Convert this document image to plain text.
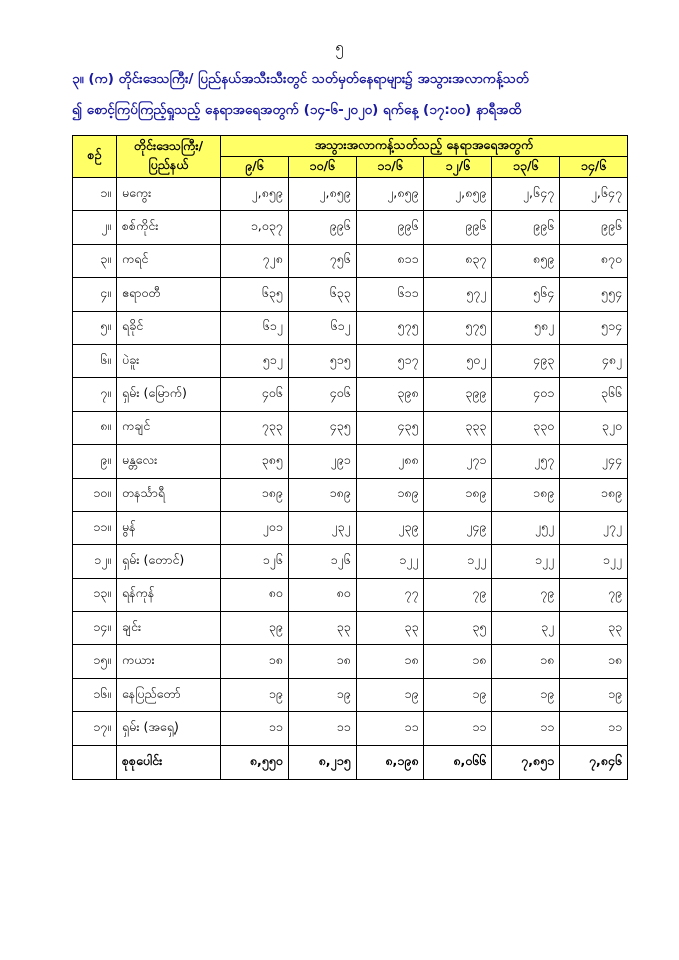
၅
၃။ (က) တိုင်းဒေသကြီး/ ပြည်နယ်အသီးသီးတွင် သတ်မှတ်နေရာများ၌ အသွားအလာကန့်သတ်
၍ စောင့်ကြပ်ကြည့်ရှုသည့် နေရာအရေအတွက် (၁၄-၆-၂၀၂၀) ရက်နေ့ (၁၇:၀၀) နာရီအထိ
စဉ်	တိုင်းဒေသကြီး/ ပြည်နယ်	အသွားအလာကန့်သတ်သည့် နေရာအရေအတွက်					
		၉/၆	၁၀/၆	၁၁/၆	၁၂/၆	၁၃/၆	၁၄/၆
၁။	မကွေး	၂,၈၅၉	၂,၈၅၉	၂,၈၅၉	၂,၈၅၉	၂,၆၄၇	၂,၆၄၇
၂။	စစ်ကိုင်း	၁,၀၃၇	၉၉၆	၉၉၆	၉၉၆	၉၉၆	၉၉၆
၃။	ကရင်	၇၂၈	၇၅၆	၈၁၁	၈၃၇	၈၅၉	၈၇၀
၄။	ဧရာဝတီ	၆၃၅	၆၃၃	၆၁၁	၅၇၂	၅၆၄	၅၅၄
၅။	ရခိုင်	၆၁၂	၆၁၂	၅၇၅	၅၇၅	၅၈၂	၅၁၄
၆။	ပဲခူး	၅၁၂	၅၁၅	၅၁၇	၅၀၂	၄၉၃	၄၈၂
၇။	ရှမ်း (မြောက်)	၄၀၆	၄၀၆	၃၉၈	၃၉၉	၄၀၁	၃၆၆
၈။	ကချင်	၇၃၃	၄၃၅	၄၃၅	၃၃၃	၃၃၀	၃၂၀
၉။	မန္တလေး	၃၈၅	၂၉၁	၂၈၈	၂၇၁	၂၅၇	၂၄၄
၁၀။	တနင်္သာရီ	၁၈၉	၁၈၉	၁၈၉	၁၈၉	၁၈၉	၁၈၉
၁၁။	မွန်	၂၀၁	၂၃၂	၂၃၉	၂၄၉	၂၅၂	၂၇၂
၁၂။	ရှမ်း (တောင်)	၁၂၆	၁၂၆	၁၂၂	၁၂၂	၁၂၂	၁၂၂
၁၃။	ရန်ကုန်	၈၀	၈၀	၇၇	၇၉	၇၉	၇၉
၁၄။	ချင်း	၃၉	၃၃	၃၃	၃၅	၃၂	၃၃
၁၅။	ကယား	၁၈	၁၈	၁၈	၁၈	၁၈	၁၈
၁၆။	နေပြည်တော်	၁၉	၁၉	၁၉	၁၉	၁၉	၁၉
၁၇။	ရှမ်း (အရှေ့)	၁၁	၁၁	၁၁	၁၁	၁၁	၁၁
	စုစုပေါင်း	၈,၅၅၀	၈,၂၁၅	၈,၁၉၈	၈,၀၆၆	၇,၈၅၁	၇,၈၄၆
